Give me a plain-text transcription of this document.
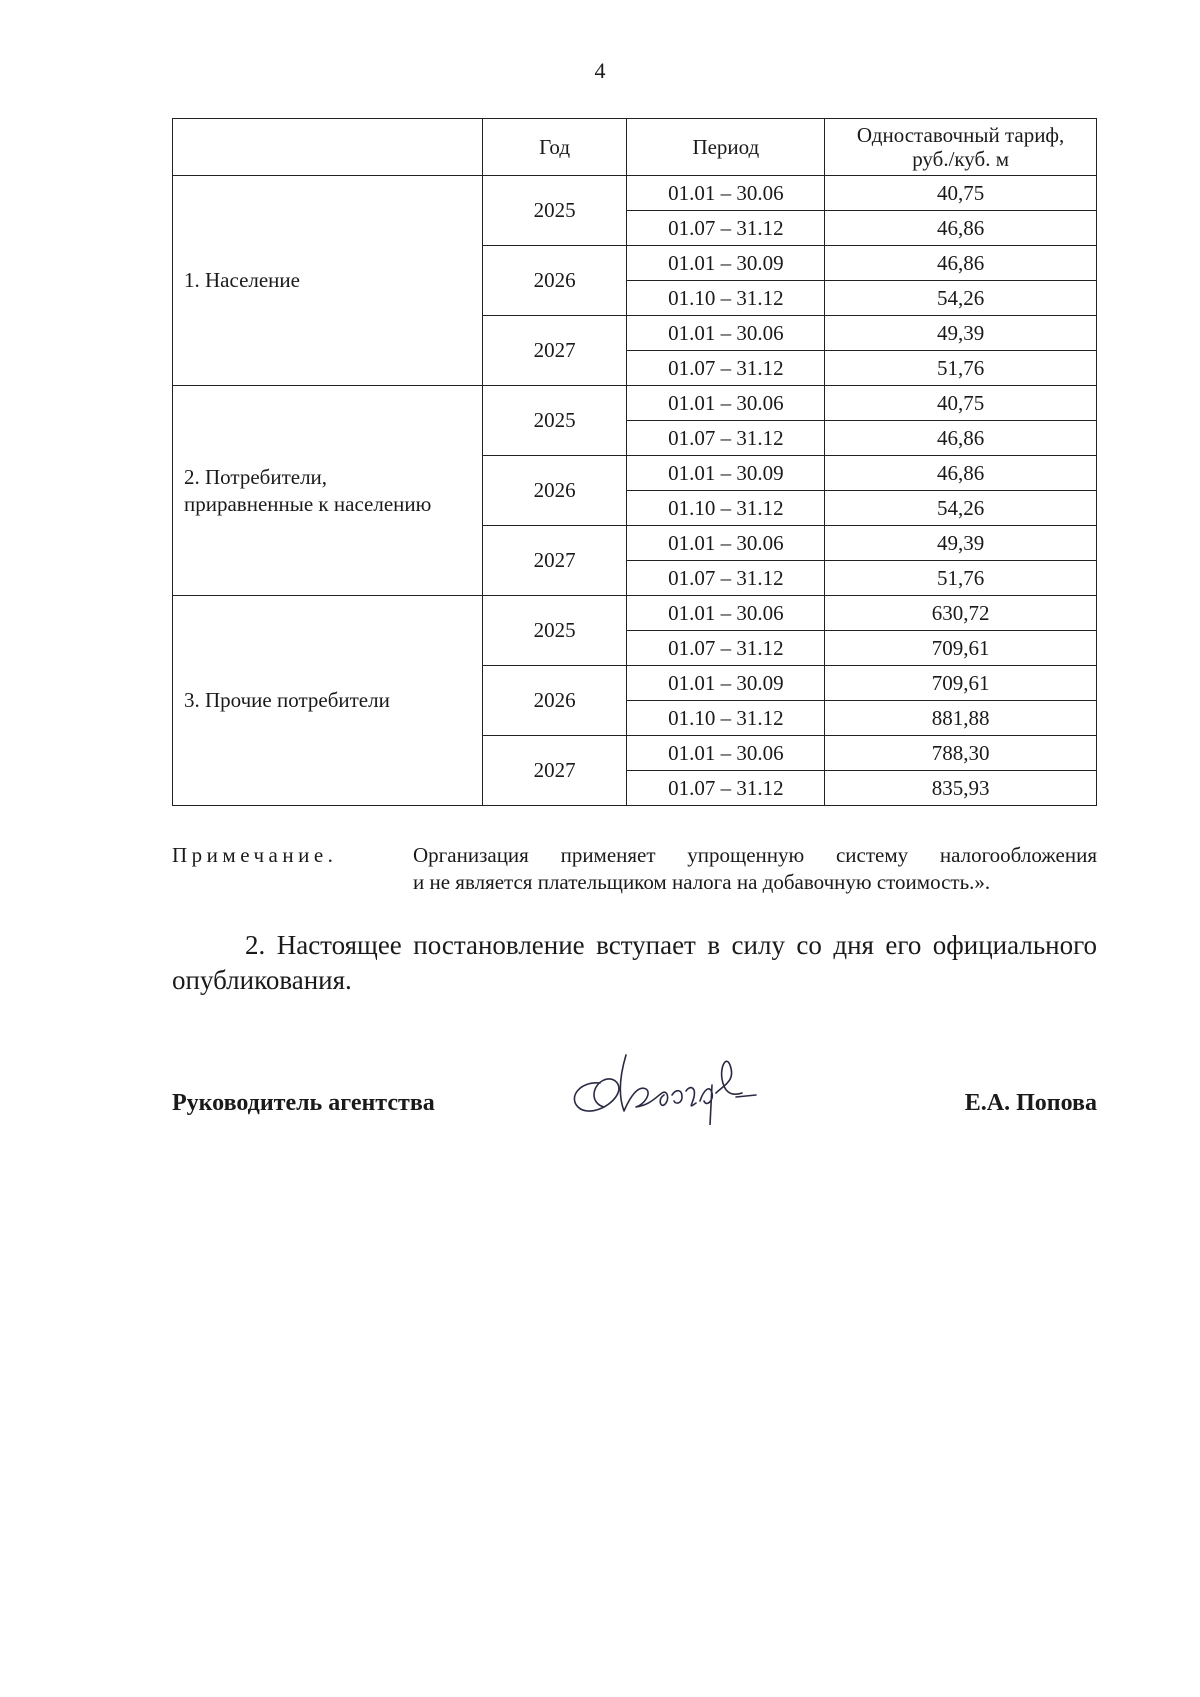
4
	Год	Период	Одноставочный тариф,
руб./куб. м
1. Население	2025	01.01 – 30.06	40,75
		01.07 – 31.12	46,86
	2026	01.01 – 30.09	46,86
		01.10 – 31.12	54,26
	2027	01.01 – 30.06	49,39
		01.07 – 31.12	51,76
2. Потребители,
приравненные к населению	2025	01.01 – 30.06	40,75
		01.07 – 31.12	46,86
	2026	01.01 – 30.09	46,86
		01.10 – 31.12	54,26
	2027	01.01 – 30.06	49,39
		01.07 – 31.12	51,76
3. Прочие потребители	2025	01.01 – 30.06	630,72
		01.07 – 31.12	709,61
	2026	01.01 – 30.09	709,61
		01.10 – 31.12	881,88
	2027	01.01 – 30.06	788,30
		01.07 – 31.12	835,93
Примечание.	Организация применяет упрощенную систему налогообложения
и не является плательщиком налога на добавочную стоимость.».
2. Настоящее постановление вступает в силу со дня его официального опубликования.
Руководитель агентства	Е.А. Попова
